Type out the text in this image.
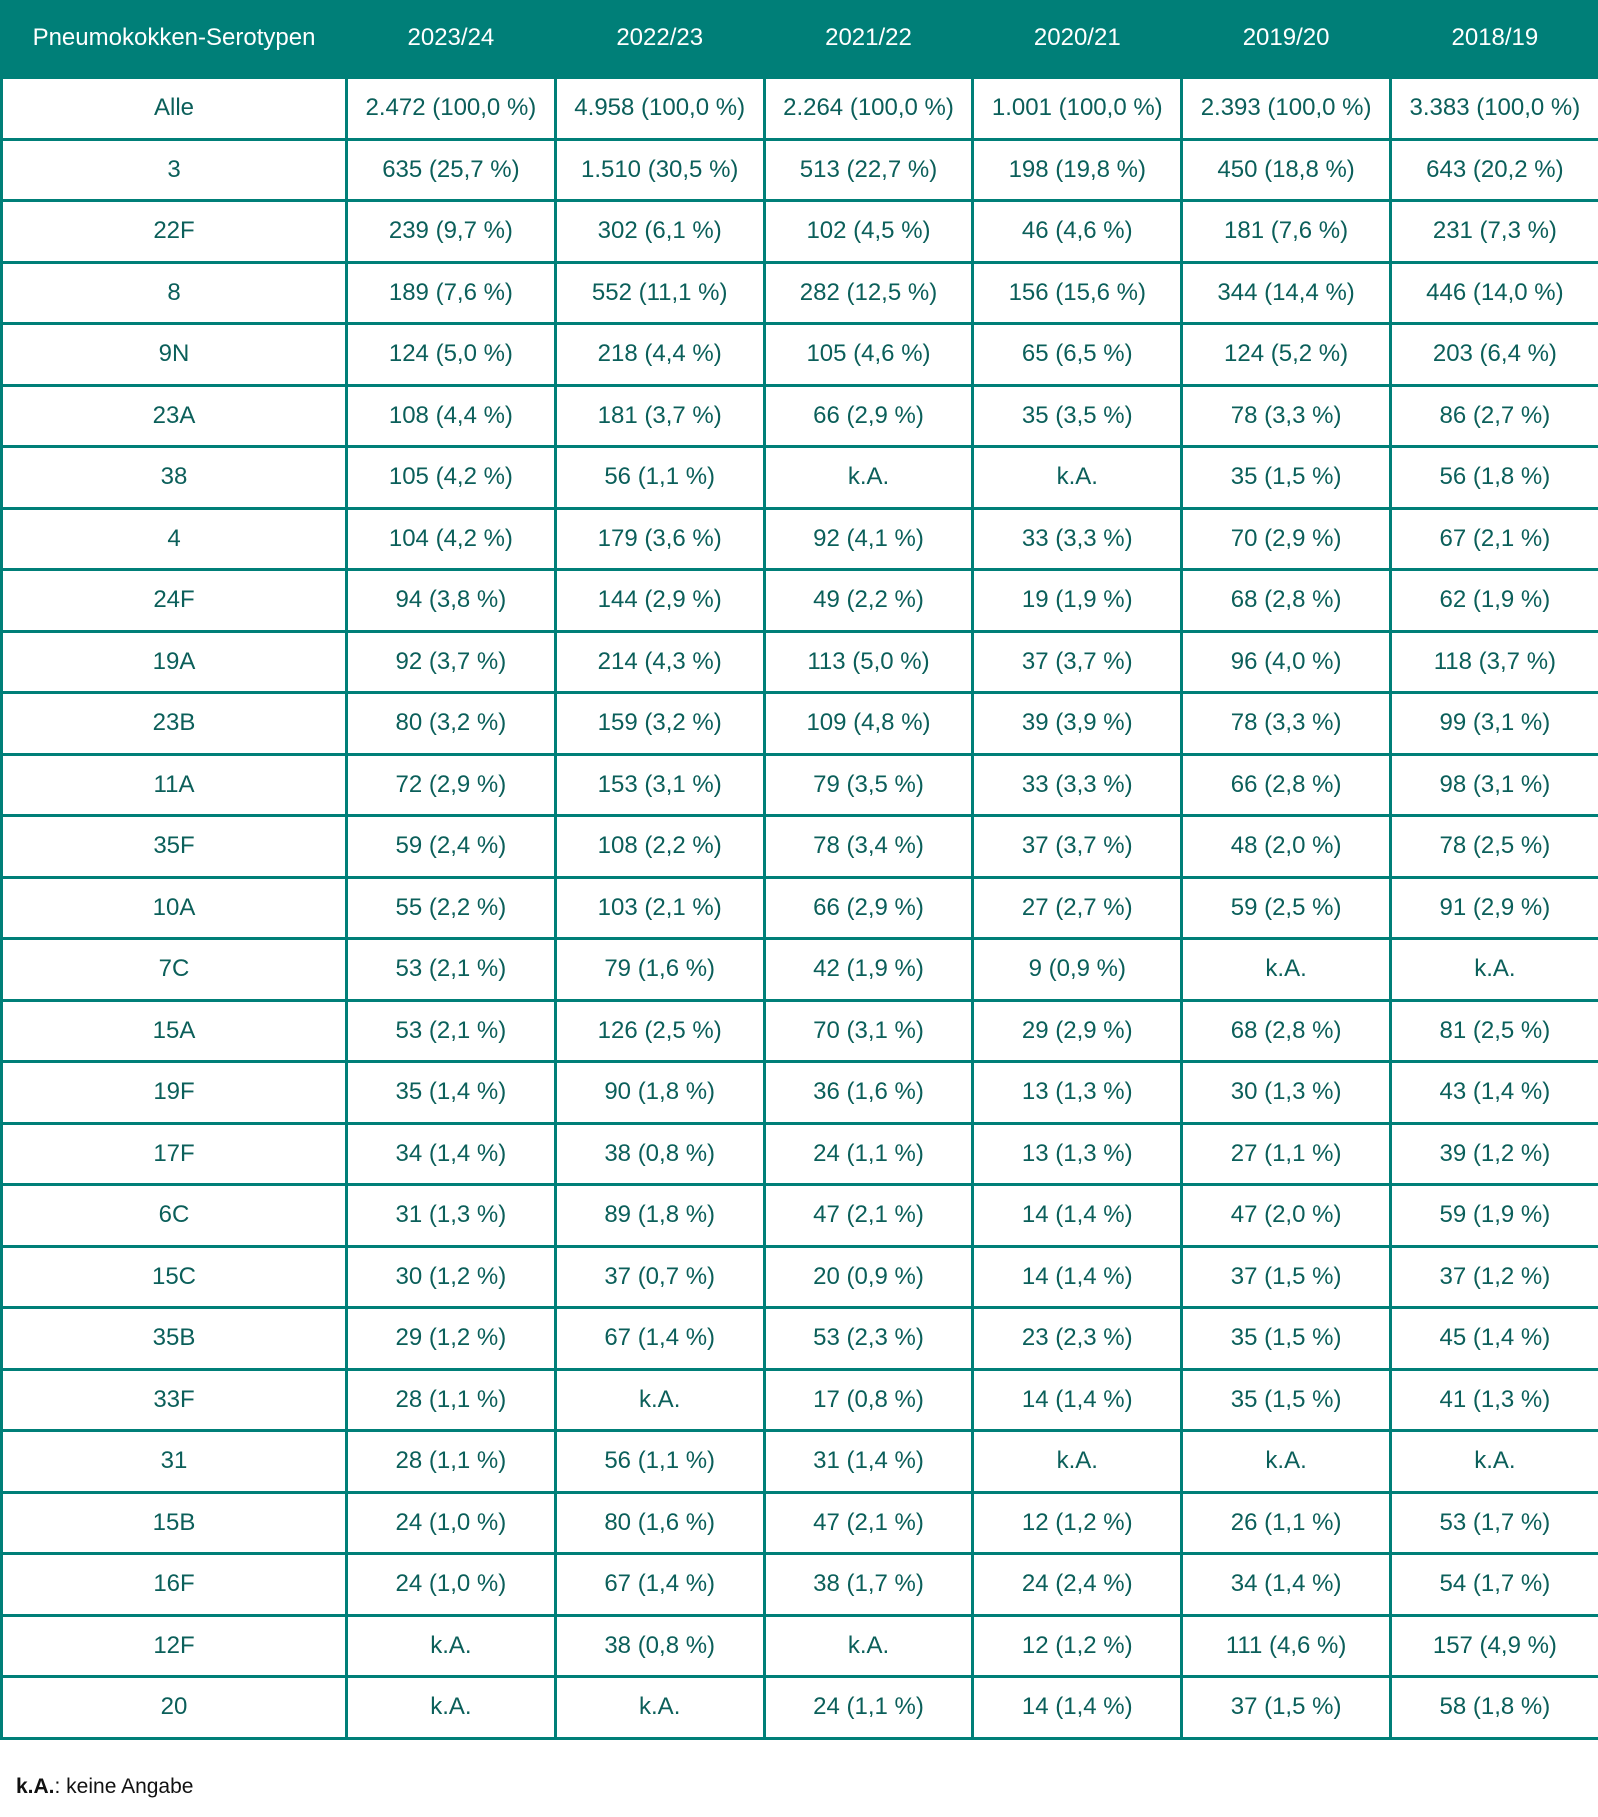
Pneumokokken-Serotypen	2023/24	2022/23	2021/22	2020/21	2019/20	2018/19
Alle	2.472 (100,0 %)	4.958 (100,0 %)	2.264 (100,0 %)	1.001 (100,0 %)	2.393 (100,0 %)	3.383 (100,0 %)
3	635 (25,7 %)	1.510 (30,5 %)	513 (22,7 %)	198 (19,8 %)	450 (18,8 %)	643 (20,2 %)
22F	239 (9,7 %)	302 (6,1 %)	102 (4,5 %)	46 (4,6 %)	181 (7,6 %)	231 (7,3 %)
8	189 (7,6 %)	552 (11,1 %)	282 (12,5 %)	156 (15,6 %)	344 (14,4 %)	446 (14,0 %)
9N	124 (5,0 %)	218 (4,4 %)	105 (4,6 %)	65 (6,5 %)	124 (5,2 %)	203 (6,4 %)
23A	108 (4,4 %)	181 (3,7 %)	66 (2,9 %)	35 (3,5 %)	78 (3,3 %)	86 (2,7 %)
38	105 (4,2 %)	56 (1,1 %)	k.A.	k.A.	35 (1,5 %)	56 (1,8 %)
4	104 (4,2 %)	179 (3,6 %)	92 (4,1 %)	33 (3,3 %)	70 (2,9 %)	67 (2,1 %)
24F	94 (3,8 %)	144 (2,9 %)	49 (2,2 %)	19 (1,9 %)	68 (2,8 %)	62 (1,9 %)
19A	92 (3,7 %)	214 (4,3 %)	113 (5,0 %)	37 (3,7 %)	96 (4,0 %)	118 (3,7 %)
23B	80 (3,2 %)	159 (3,2 %)	109 (4,8 %)	39 (3,9 %)	78 (3,3 %)	99 (3,1 %)
11A	72 (2,9 %)	153 (3,1 %)	79 (3,5 %)	33 (3,3 %)	66 (2,8 %)	98 (3,1 %)
35F	59 (2,4 %)	108 (2,2 %)	78 (3,4 %)	37 (3,7 %)	48 (2,0 %)	78 (2,5 %)
10A	55 (2,2 %)	103 (2,1 %)	66 (2,9 %)	27 (2,7 %)	59 (2,5 %)	91 (2,9 %)
7C	53 (2,1 %)	79 (1,6 %)	42 (1,9 %)	9 (0,9 %)	k.A.	k.A.
15A	53 (2,1 %)	126 (2,5 %)	70 (3,1 %)	29 (2,9 %)	68 (2,8 %)	81 (2,5 %)
19F	35 (1,4 %)	90 (1,8 %)	36 (1,6 %)	13 (1,3 %)	30 (1,3 %)	43 (1,4 %)
17F	34 (1,4 %)	38 (0,8 %)	24 (1,1 %)	13 (1,3 %)	27 (1,1 %)	39 (1,2 %)
6C	31 (1,3 %)	89 (1,8 %)	47 (2,1 %)	14 (1,4 %)	47 (2,0 %)	59 (1,9 %)
15C	30 (1,2 %)	37 (0,7 %)	20 (0,9 %)	14 (1,4 %)	37 (1,5 %)	37 (1,2 %)
35B	29 (1,2 %)	67 (1,4 %)	53 (2,3 %)	23 (2,3 %)	35 (1,5 %)	45 (1,4 %)
33F	28 (1,1 %)	k.A.	17 (0,8 %)	14 (1,4 %)	35 (1,5 %)	41 (1,3 %)
31	28 (1,1 %)	56 (1,1 %)	31 (1,4 %)	k.A.	k.A.	k.A.
15B	24 (1,0 %)	80 (1,6 %)	47 (2,1 %)	12 (1,2 %)	26 (1,1 %)	53 (1,7 %)
16F	24 (1,0 %)	67 (1,4 %)	38 (1,7 %)	24 (2,4 %)	34 (1,4 %)	54 (1,7 %)
12F	k.A.	38 (0,8 %)	k.A.	12 (1,2 %)	111 (4,6 %)	157 (4,9 %)
20	k.A.	k.A.	24 (1,1 %)	14 (1,4 %)	37 (1,5 %)	58 (1,8 %)
k.A.: keine Angabe
